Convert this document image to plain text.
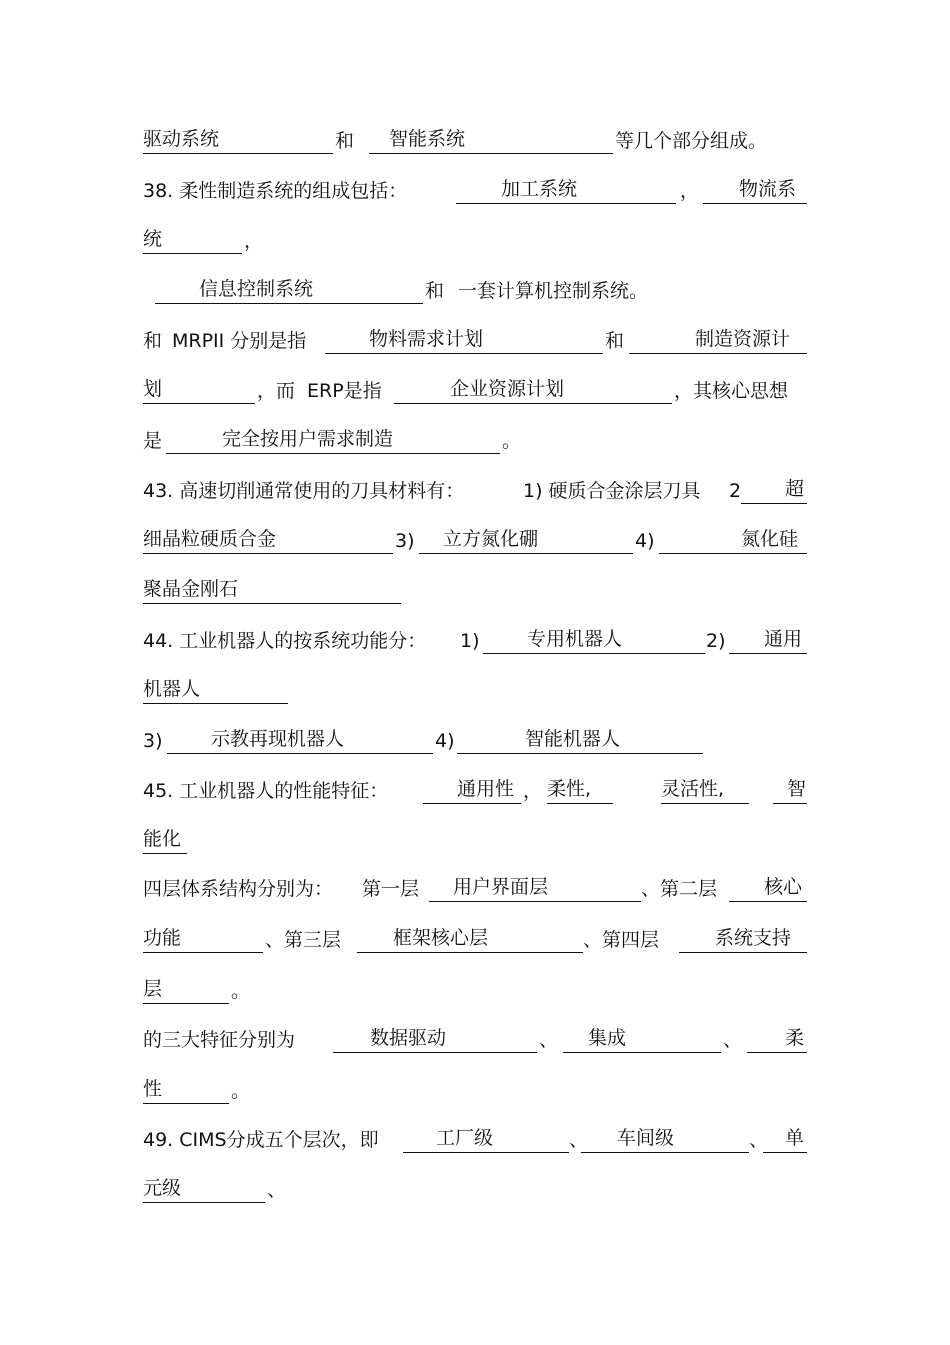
驱动系统	和 智能系统	等几个部分组成。
38. 柔性制造系统的组成包括：	加工系统	， 物流系
统	，
信息控制系统	和 一套计算机控制系统。
和 MRPII 分别是指	物料需求计划	和	制造资源计
划	，而 ERP是指	企业资源计划	，其核心思想
是	完全按用户需求制造	。
43. 高速切削通常使用的刀具材料有：	1) 硬质合金涂层刀具 2 超
细晶粒硬质合金	3) 立方氮化硼	4)	氮化硅
聚晶金刚石
44. 工业机器人的按系统功能分： 1) 专用机器人	2) 通用
机器人
3)	示教再现机器人	4)	智能机器人
45. 工业机器人的性能特征：	通用性 ， 柔性,	灵活性,	智
能化
四层体系结构分别为： 第一层 用户界面层	、第二层 核心
功能	、第三层	框架核心层	、第四层	系统支持
层	。
的三大特征分别为	数据驱动	、 集成	、 柔
性	。
49. CIMS分成五个层次，即	工厂级	、 车间级	、 单
元级	、
